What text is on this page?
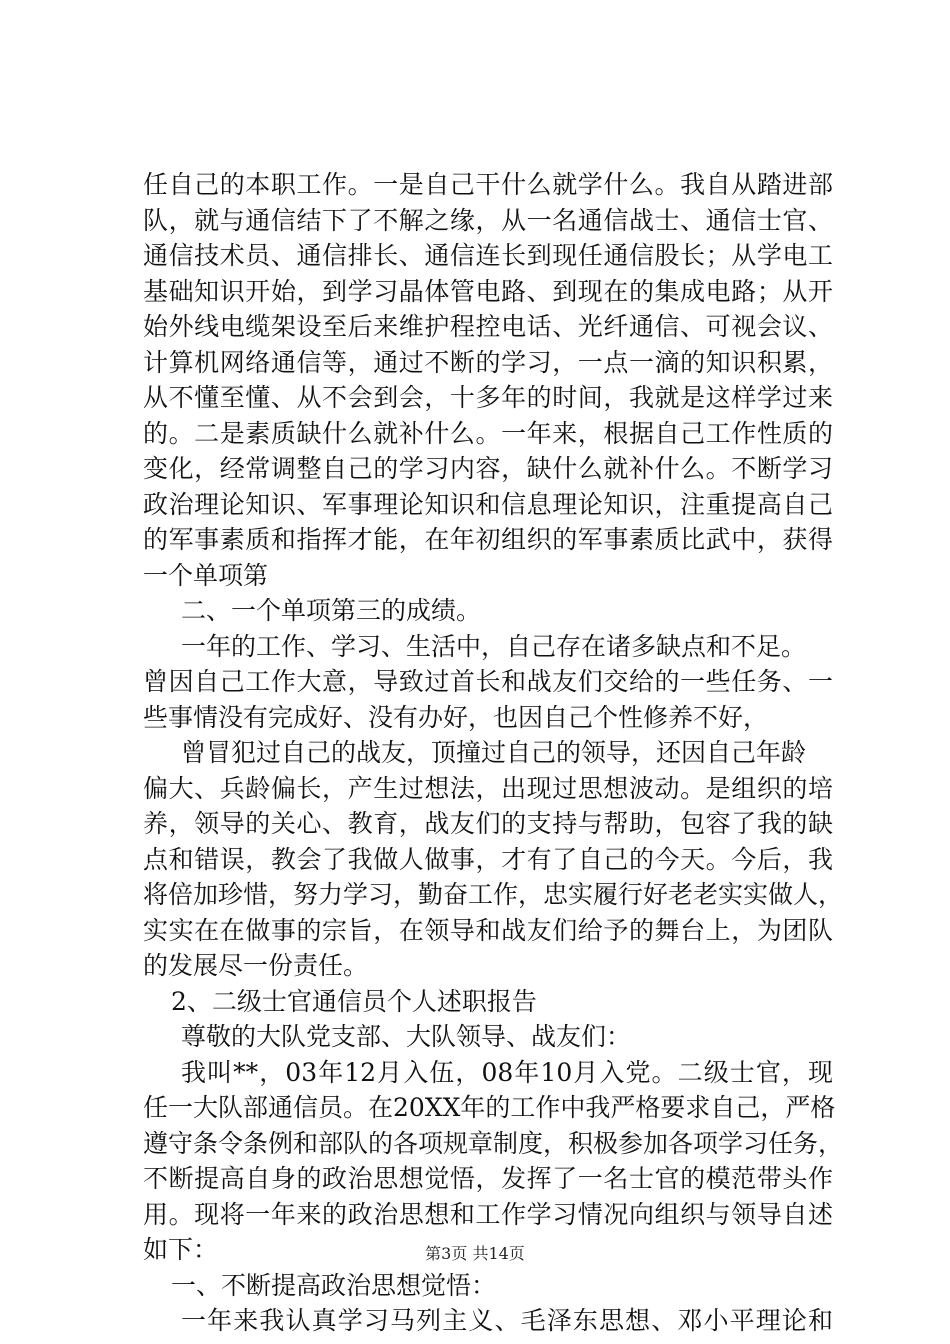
任自己的本职工作。一是自己干什么就学什么。我自从踏进部
队，就与通信结下了不解之缘，从一名通信战士、通信士官、
通信技术员、通信排长、通信连长到现任通信股长；从学电工
基础知识开始，到学习晶体管电路、到现在的集成电路；从开
始外线电缆架设至后来维护程控电话、光纤通信、可视会议、
计算机网络通信等，通过不断的学习，一点一滴的知识积累，
从不懂至懂、从不会到会，十多年的时间，我就是这样学过来
的。二是素质缺什么就补什么。一年来，根据自己工作性质的
变化，经常调整自己的学习内容，缺什么就补什么。不断学习
政治理论知识、军事理论知识和信息理论知识，注重提高自己
的军事素质和指挥才能，在年初组织的军事素质比武中，获得
一个单项第
二、一个单项第三的成绩。
一年的工作、学习、生活中，自己存在诸多缺点和不足。
曾因自己工作大意，导致过首长和战友们交给的一些任务、一
些事情没有完成好、没有办好，也因自己个性修养不好，
曾冒犯过自己的战友，顶撞过自己的领导，还因自己年龄
偏大、兵龄偏长，产生过想法，出现过思想波动。是组织的培
养，领导的关心、教育，战友们的支持与帮助，包容了我的缺
点和错误，教会了我做人做事，才有了自己的今天。今后，我
将倍加珍惜，努力学习，勤奋工作，忠实履行好老老实实做人，
实实在在做事的宗旨，在领导和战友们给予的舞台上，为团队
的发展尽一份责任。
2、二级士官通信员个人述职报告
尊敬的大队党支部、大队领导、战友们：
我叫**，03年12月入伍，08年10月入党。二级士官，现
任一大队部通信员。在20XX年的工作中我严格要求自己，严格
遵守条令条例和部队的各项规章制度，积极参加各项学习任务，
不断提高自身的政治思想觉悟，发挥了一名士官的模范带头作
用。现将一年来的政治思想和工作学习情况向组织与领导自述
如下：
一、不断提高政治思想觉悟：
一年来我认真学习马列主义、毛泽东思想、邓小平理论和
第3页 共14页
